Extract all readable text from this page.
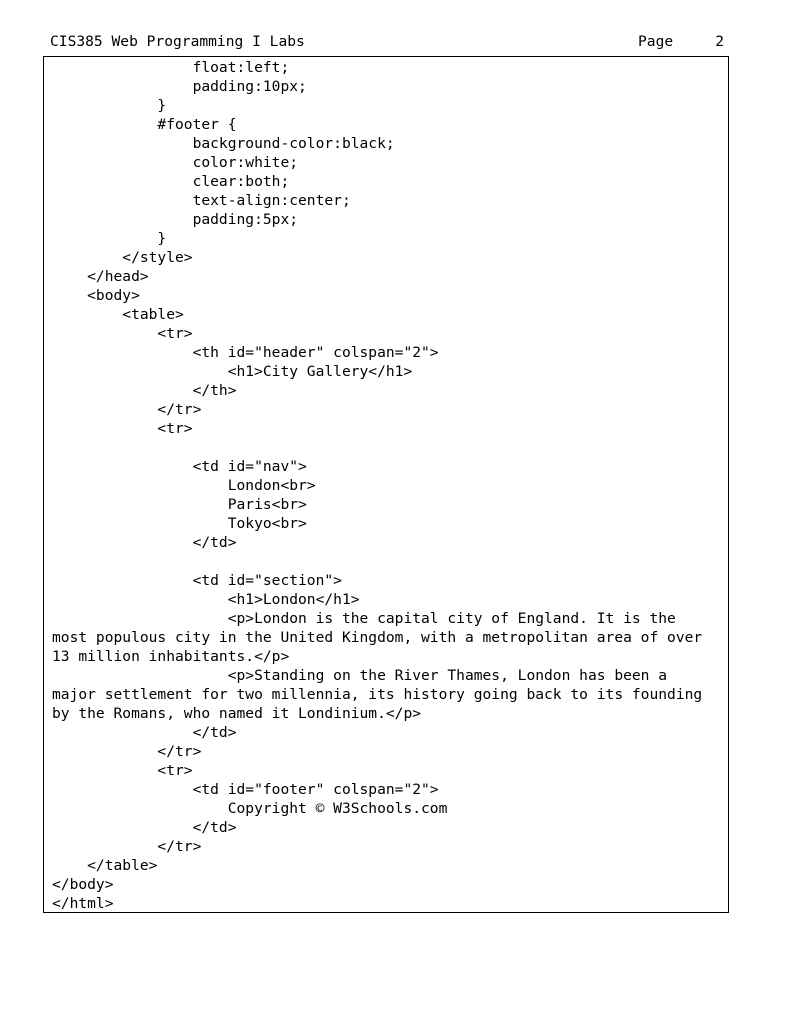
CIS385 Web Programming I Labs	Page	2
float:left;
padding:10px;
}
#footer {
background-color:black;
color:white;
clear:both;
text-align:center;
padding:5px;
}
</style>
</head>
<body>
<table>
<tr>
<th id="header" colspan="2">
<h1>City Gallery</h1>
</th>
</tr>
<tr>
<td id="nav">
London<br>
Paris<br>
Tokyo<br>
</td>
<td id="section">
<h1>London</h1>
<p>London is the capital city of England. It is the
most populous city in the United Kingdom, with a metropolitan area of over
13 million inhabitants.</p>
<p>Standing on the River Thames, London has been a
major settlement for two millennia, its history going back to its founding
by the Romans, who named it Londinium.</p>
</td>
</tr>
<tr>
<td id="footer" colspan="2">
Copyright © W3Schools.com
</td>
</tr>
</table>
</body>
</html>
